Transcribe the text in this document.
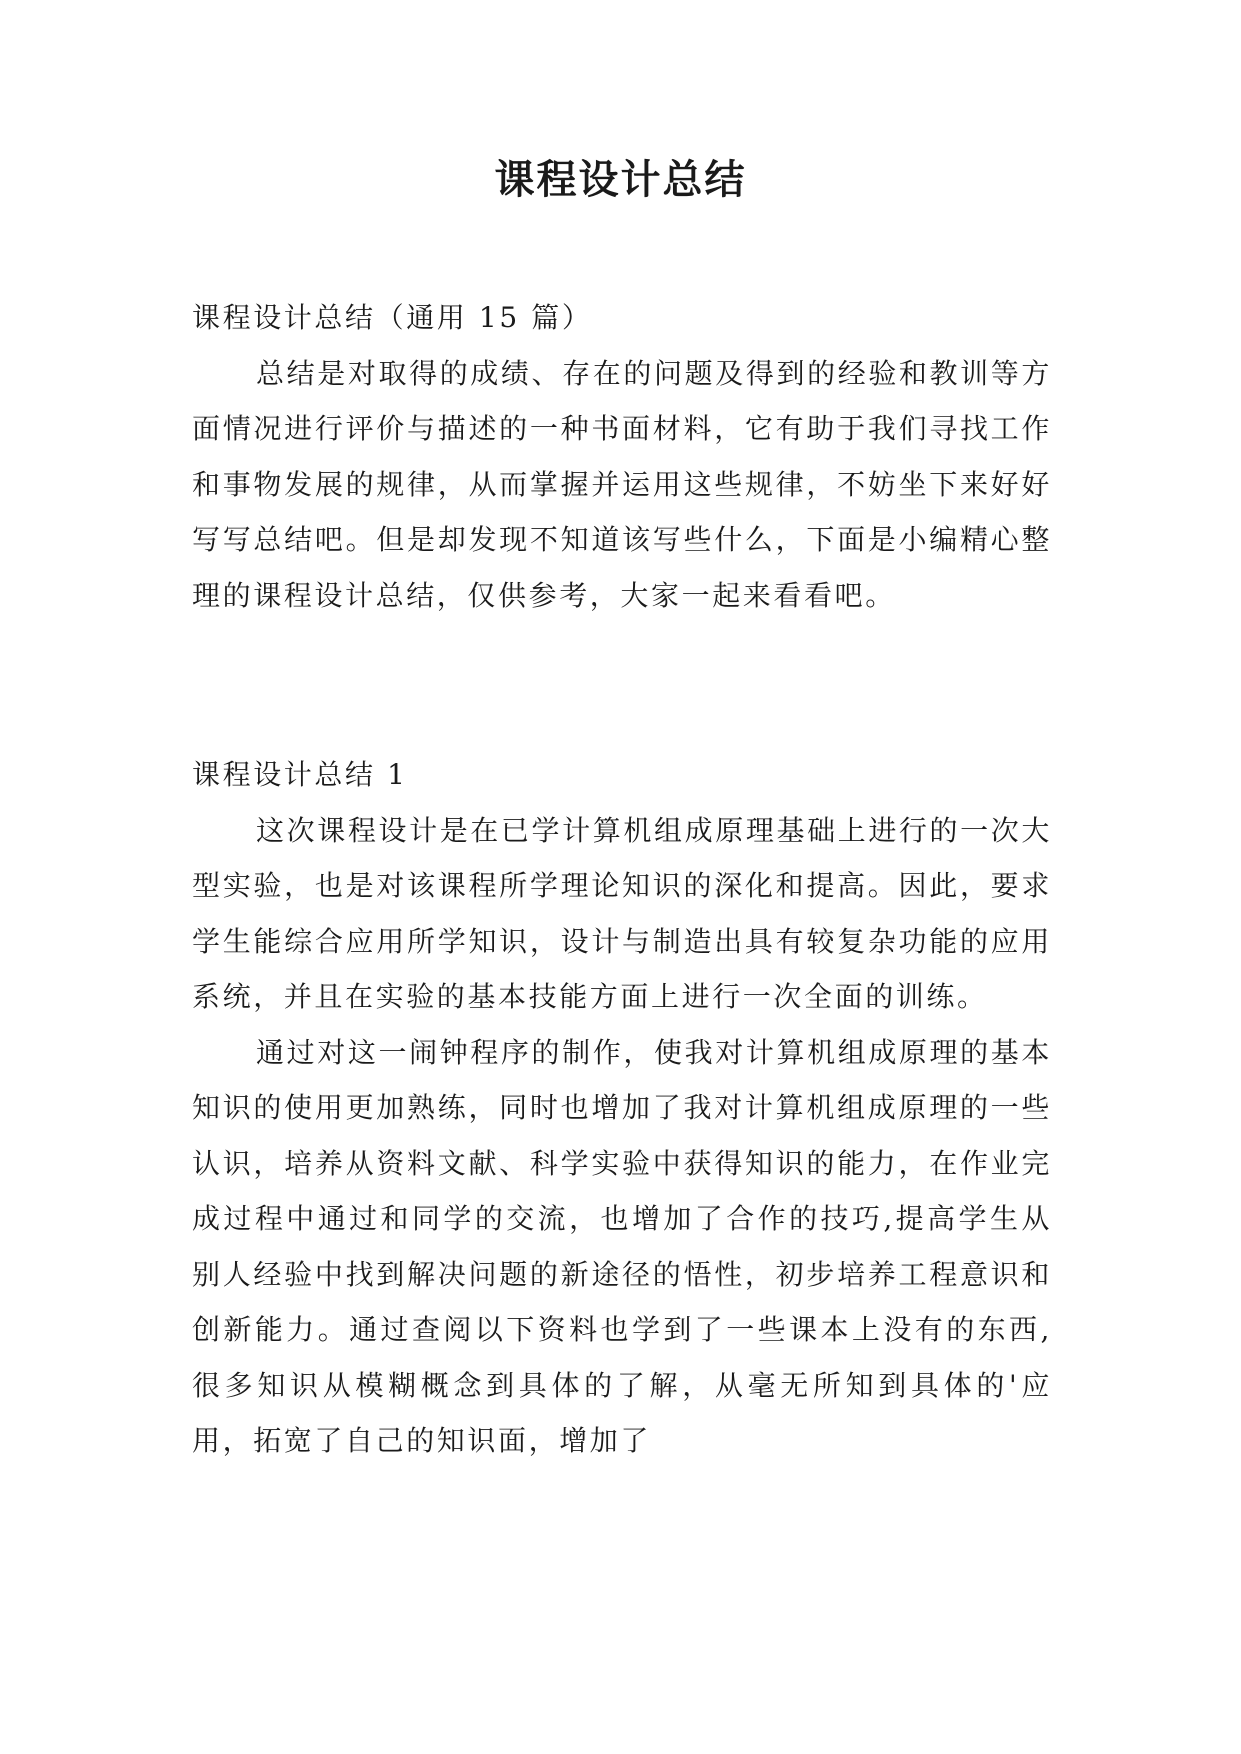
课程设计总结
课程设计总结（通用 15 篇）

总结是对取得的成绩、存在的问题及得到的经验和教训等方面情况进行评价与描述的一种书面材料，它有助于我们寻找工作和事物发展的规律，从而掌握并运用这些规律，不妨坐下来好好写写总结吧。但是却发现不知道该写些什么，下面是小编精心整理的课程设计总结，仅供参考，大家一起来看看吧。

课程设计总结 1

这次课程设计是在已学计算机组成原理基础上进行的一次大型实验，也是对该课程所学理论知识的深化和提高。因此，要求学生能综合应用所学知识，设计与制造出具有较复杂功能的应用系统，并且在实验的基本技能方面上进行一次全面的训练。

通过对这一闹钟程序的制作，使我对计算机组成原理的基本知识的使用更加熟练，同时也增加了我对计算机组成原理的一些认识，培养从资料文献、科学实验中获得知识的能力，在作业完成过程中通过和同学的交流，也增加了合作的技巧,提高学生从别人经验中找到解决问题的新途径的悟性，初步培养工程意识和创新能力。通过查阅以下资料也学到了一些课本上没有的东西,很多知识从模糊概念到具体的了解，从毫无所知到具体的'应用，拓宽了自己的知识面，增加了
